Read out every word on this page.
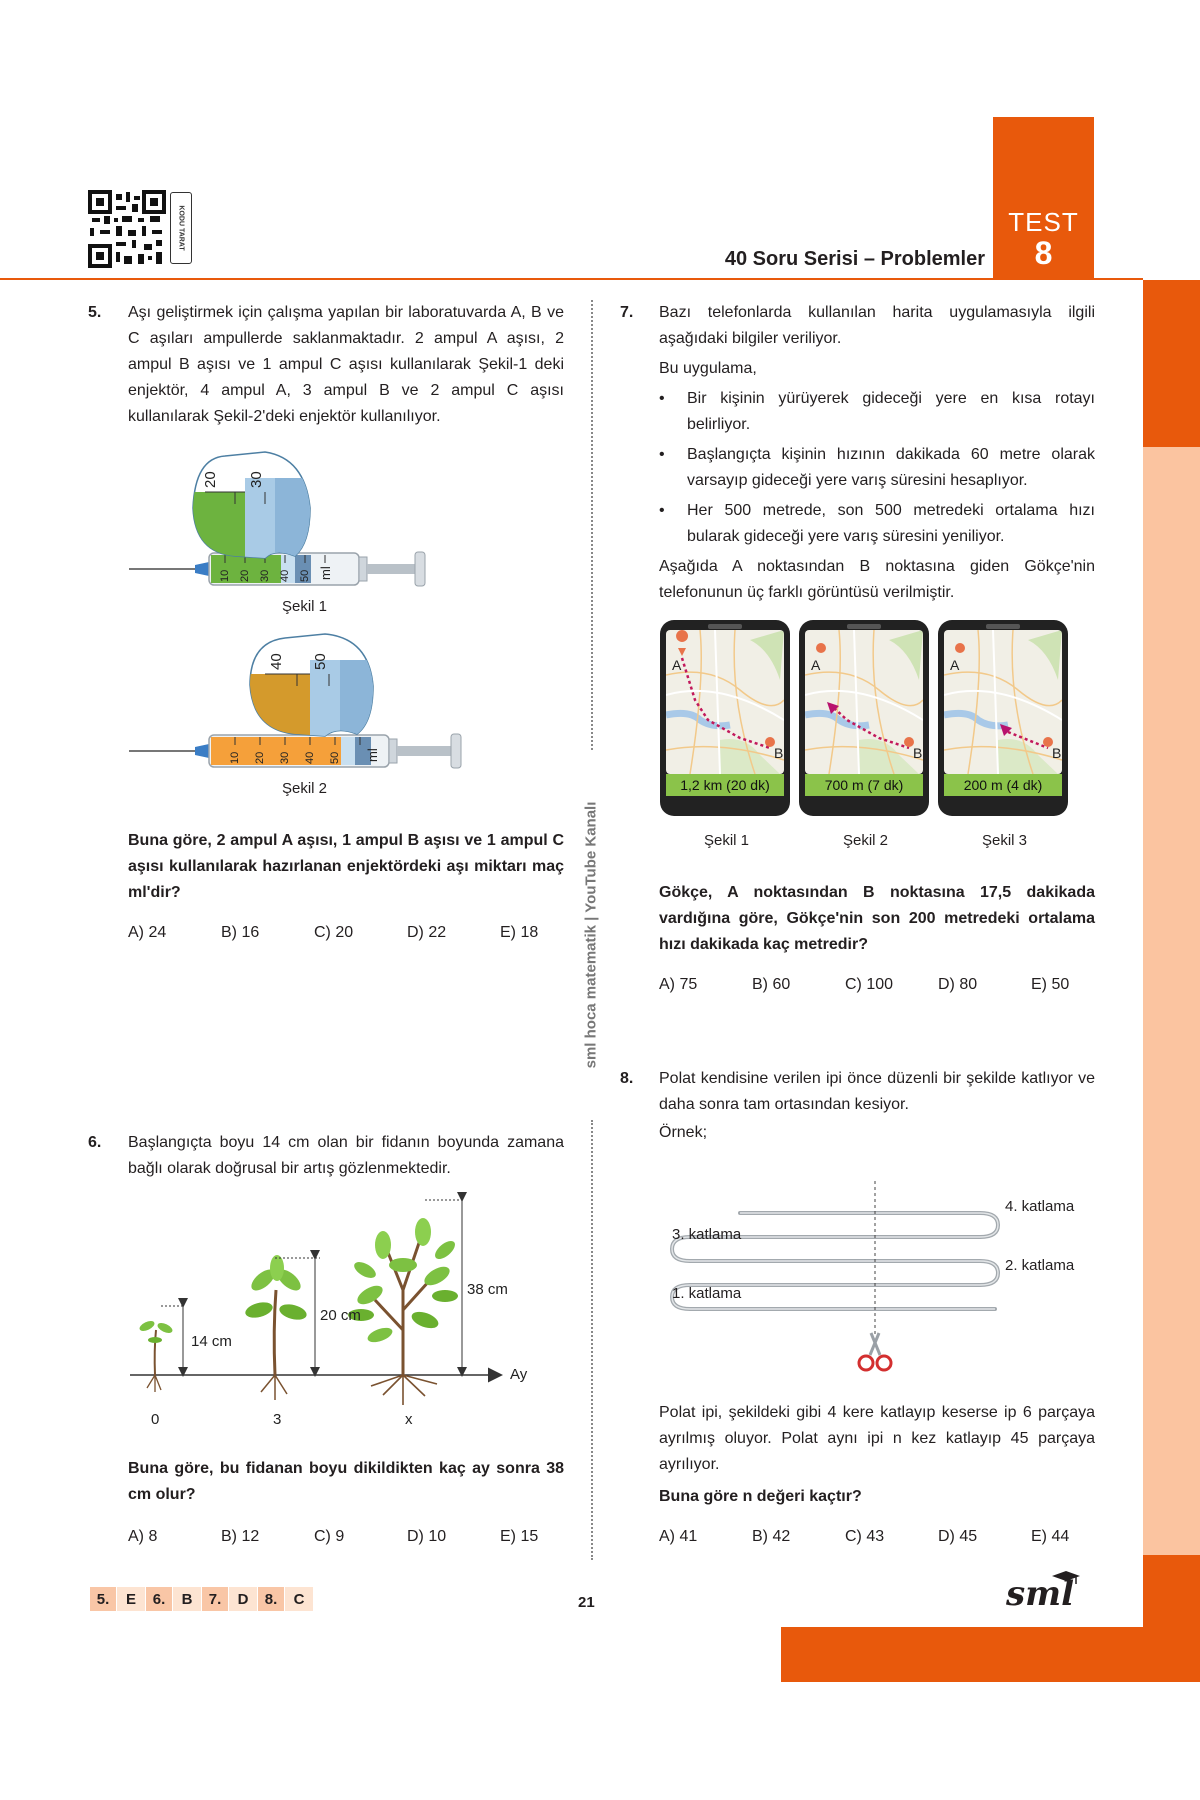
KODU TARAT
40 Soru Serisi – Problemler
TEST
8
sml hoca matematik | YouTube Kanalı
5. Aşı geliştirmek için çalışma yapılan bir laboratuvarda A, B ve C aşıları ampullerde saklanmaktadır. 2 ampul A aşısı, 2 ampul B aşısı ve 1 ampul C aşısı kullanılarak Şekil-1 deki enjektör, 4 ampul A, 3 ampul B ve 2 ampul C aşısı kullanılarak Şekil-2'deki enjektör kullanılıyor.
10 20 30 40 50 ml
20 30
Şekil 1
10 20 30 40 50 ml
40 50
Şekil 2
Buna göre, 2 ampul A aşısı, 1 ampul B aşısı ve 1 ampul C aşısı kullanılarak hazırlanan enjektördeki aşı miktarı maç ml'dir?
A) 24	B) 16	C) 20	D) 22	E) 18
6. Başlangıçta boyu 14 cm olan bir fidanın boyunda zamana bağlı olarak doğrusal bir artış gözlenmektedir.
14 cm
20 cm
38 cm
Ay
0	3	x
Buna göre, bu fidanan boyu dikildikten kaç ay sonra 38 cm olur?
A) 8	B) 12	C) 9	D) 10	E) 15
7. Bazı telefonlarda kullanılan harita uygulamasıyla ilgili aşağıdaki bilgiler veriliyor.
Bu uygulama,
• Bir kişinin yürüyerek gideceği yere en kısa rotayı belirliyor.
• Başlangıçta kişinin hızının dakikada 60 metre olarak varsayıp gideceği yere varış süresini hesaplıyor.
• Her 500 metrede, son 500 metredeki ortalama hızı bularak gideceği yere varış süresini yeniliyor.
Aşağıda A noktasından B noktasına giden Gökçe'nin telefonunun üç farklı görüntüsü verilmiştir.
A
B
1,2 km (20 dk)
A
B
700 m (7 dk)
A
B
200 m (4 dk)
Şekil 1	Şekil 2	Şekil 3
Gökçe, A noktasından B noktasına 17,5 dakikada vardığına göre, Gökçe'nin son 200 metredeki ortalama hızı dakikada kaç metredir?
A) 75	B) 60	C) 100	D) 80	E) 50
8. Polat kendisine verilen ipi önce düzenli bir şekilde katlıyor ve daha sonra tam ortasından kesiyor.
Örnek;
1. katlama
2. katlama
3. katlama
4. katlama
Polat ipi, şekildeki gibi 4 kere katlayıp keserse ip 6 parçaya ayrılmış oluyor. Polat aynı ipi n kez katlayıp 45 parçaya ayrılıyor.
Buna göre n değeri kaçtır?
A) 41	B) 42	C) 43	D) 45	E) 44
5.	E	6.	B	7.	D	8.	C	21	sml
